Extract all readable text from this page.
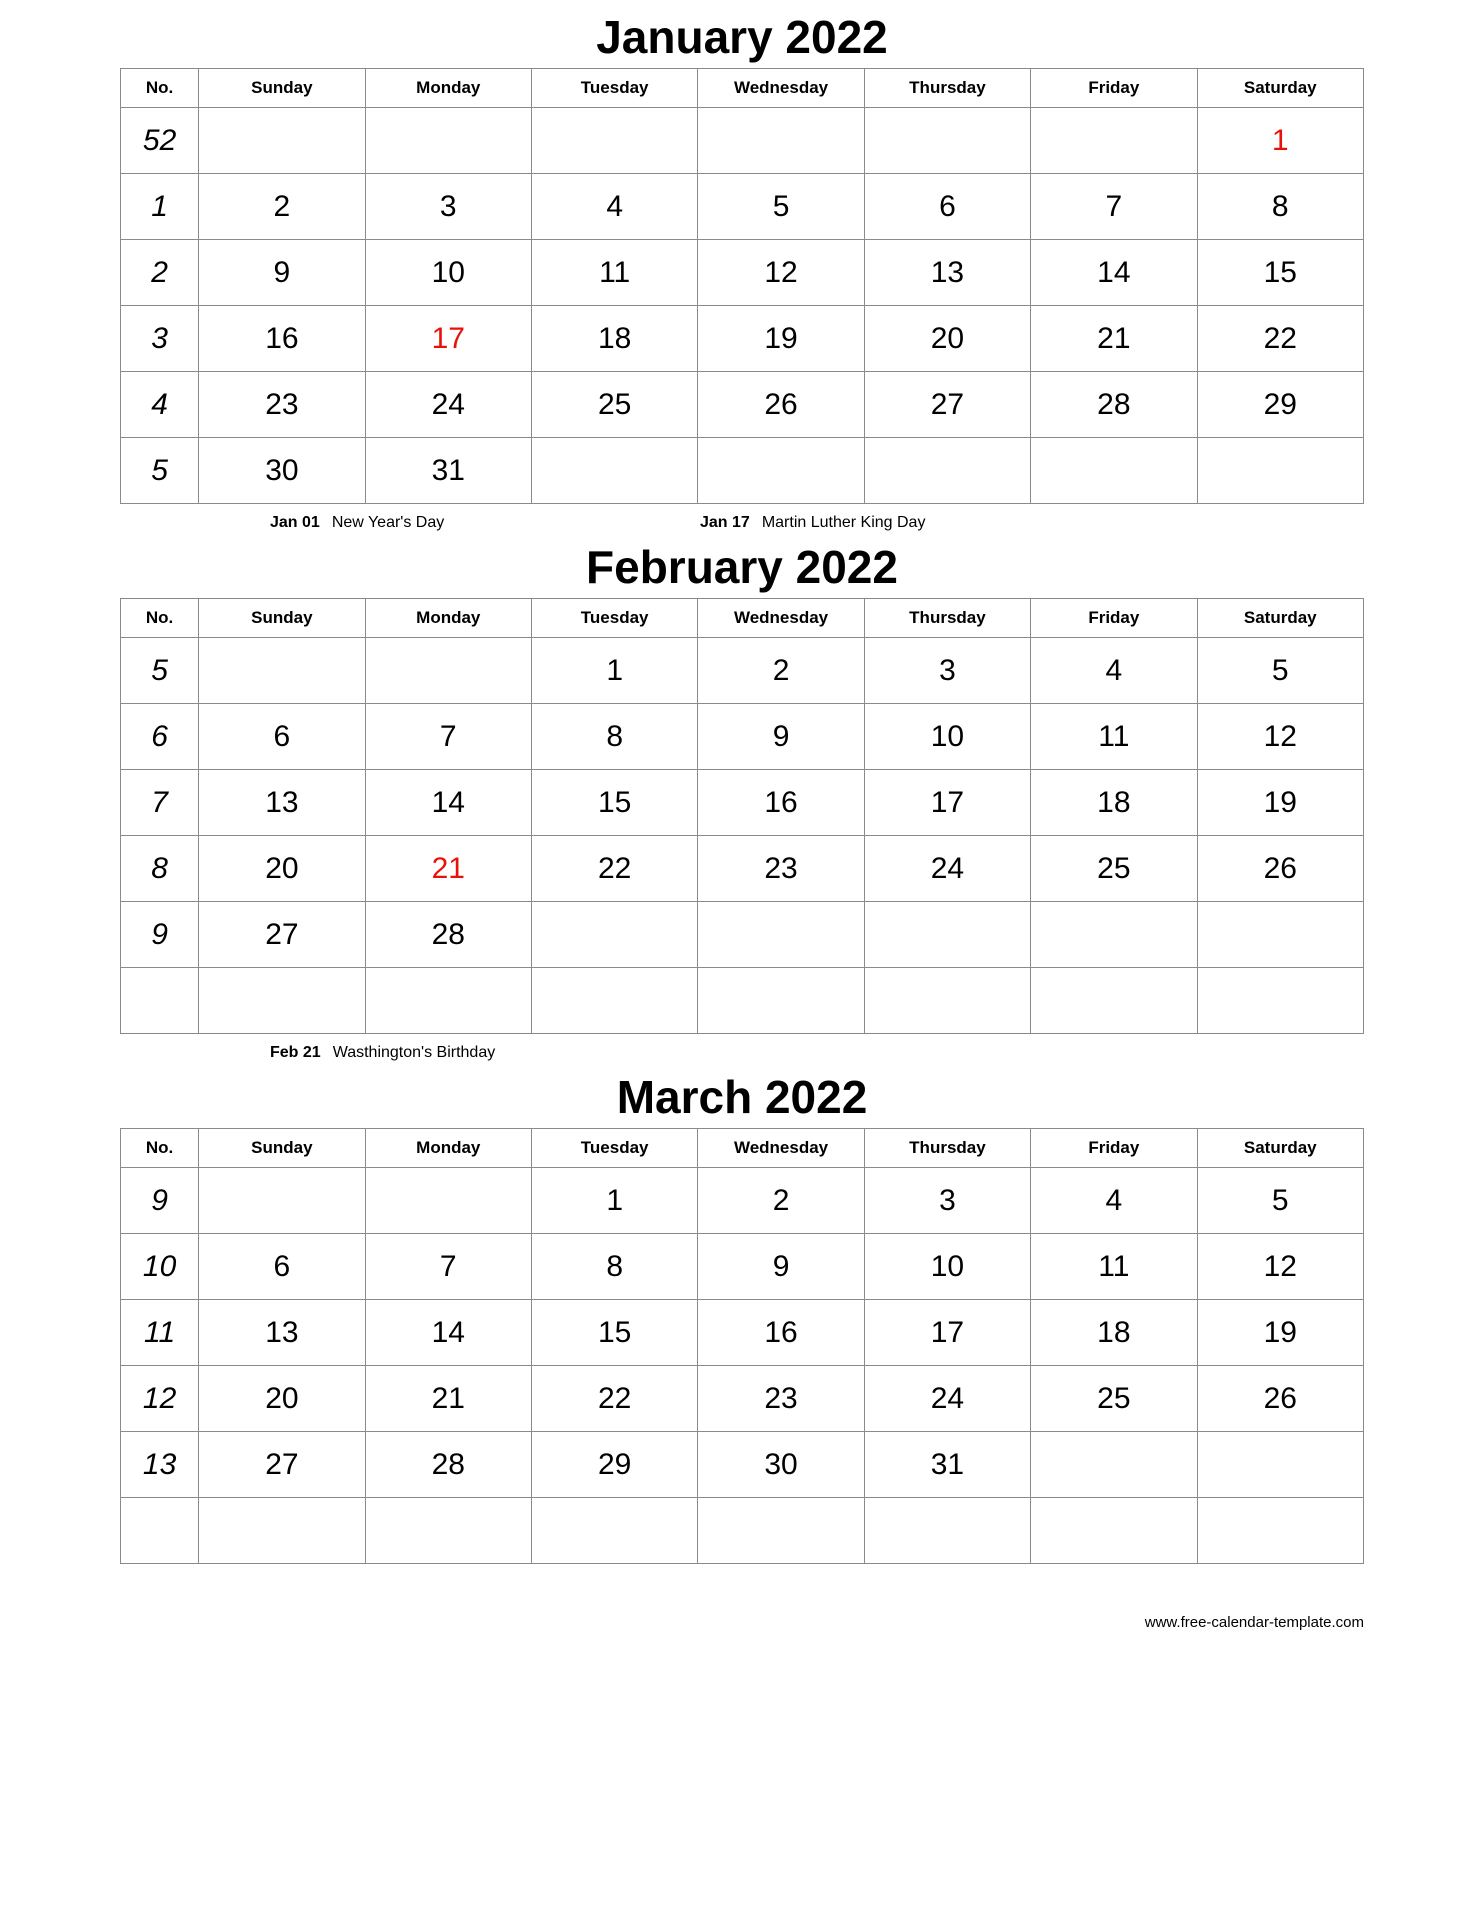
January 2022
No.	Sunday	Monday	Tuesday	Wednesday	Thursday	Friday	Saturday
52							1
1	2	3	4	5	6	7	8
2	9	10	11	12	13	14	15
3	16	17	18	19	20	21	22
4	23	24	25	26	27	28	29
5	30	31					
Jan 01 New Year's Day	Jan 17 Martin Luther King Day
February 2022
No.	Sunday	Monday	Tuesday	Wednesday	Thursday	Friday	Saturday
5			1	2	3	4	5
6	6	7	8	9	10	11	12
7	13	14	15	16	17	18	19
8	20	21	22	23	24	25	26
9	27	28					

Feb 21 Wasthington's Birthday
March 2022
No.	Sunday	Monday	Tuesday	Wednesday	Thursday	Friday	Saturday
9			1	2	3	4	5
10	6	7	8	9	10	11	12
11	13	14	15	16	17	18	19
12	20	21	22	23	24	25	26
13	27	28	29	30	31		

www.free-calendar-template.com
